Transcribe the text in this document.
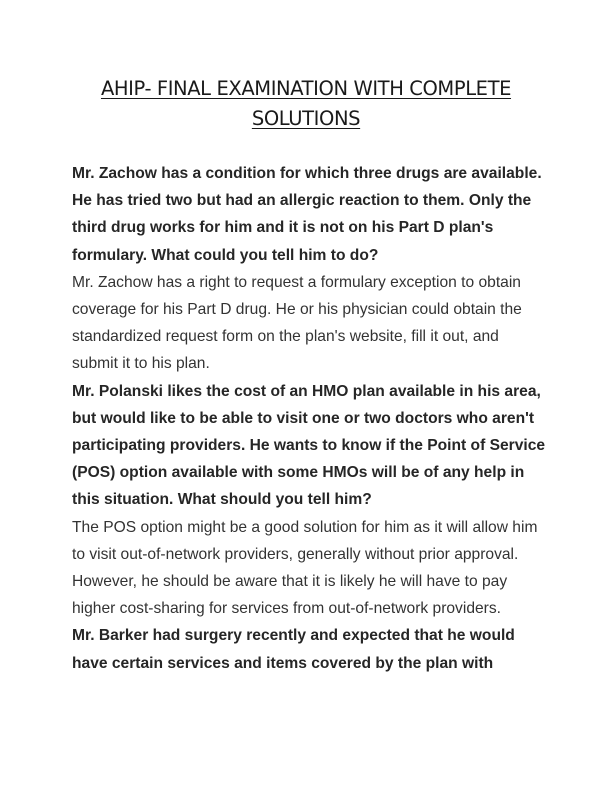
AHIP- FINAL EXAMINATION WITH COMPLETE SOLUTIONS

Mr. Zachow has a condition for which three drugs are available. He has tried two but had an allergic reaction to them. Only the third drug works for him and it is not on his Part D plan's formulary. What could you tell him to do?

Mr. Zachow has a right to request a formulary exception to obtain coverage for his Part D drug. He or his physician could obtain the standardized request form on the plan's website, fill it out, and submit it to his plan.

Mr. Polanski likes the cost of an HMO plan available in his area, but would like to be able to visit one or two doctors who aren't participating providers. He wants to know if the Point of Service (POS) option available with some HMOs will be of any help in this situation. What should you tell him?

The POS option might be a good solution for him as it will allow him to visit out-of-network providers, generally without prior approval. However, he should be aware that it is likely he will have to pay higher cost-sharing for services from out-of-network providers.

Mr. Barker had surgery recently and expected that he would have certain services and items covered by the plan with
